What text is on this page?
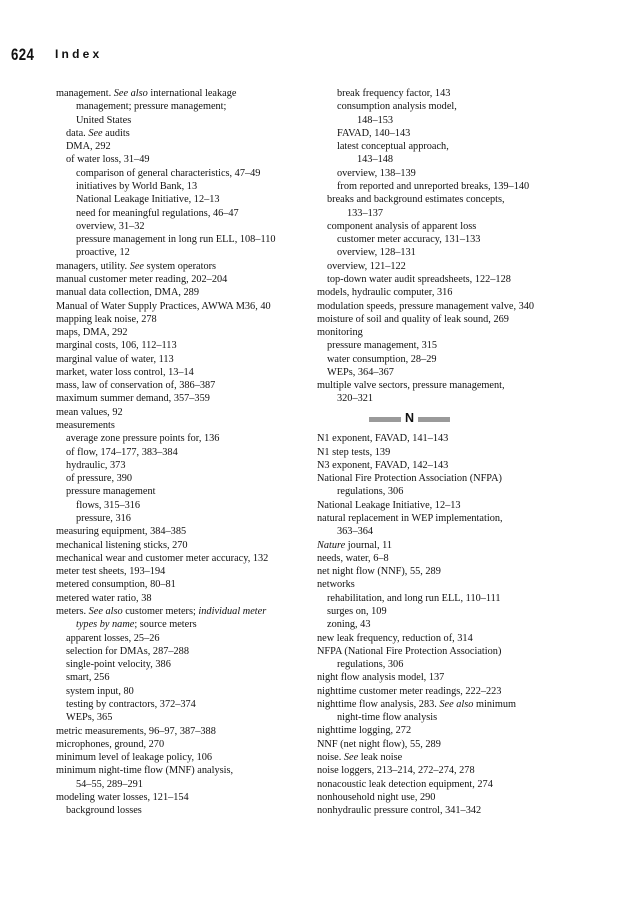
624 Index
management. See also international leakage
management; pressure management;
United States
data. See audits
DMA, 292
of water loss, 31–49
comparison of general characteristics, 47–49
initiatives by World Bank, 13
National Leakage Initiative, 12–13
need for meaningful regulations, 46–47
overview, 31–32
pressure management in long run ELL, 108–110
proactive, 12
managers, utility. See system operators
manual customer meter reading, 202–204
manual data collection, DMA, 289
Manual of Water Supply Practices, AWWA M36, 40
mapping leak noise, 278
maps, DMA, 292
marginal costs, 106, 112–113
marginal value of water, 113
market, water loss control, 13–14
mass, law of conservation of, 386–387
maximum summer demand, 357–359
mean values, 92
measurements
average zone pressure points for, 136
of flow, 174–177, 383–384
hydraulic, 373
of pressure, 390
pressure management
flows, 315–316
pressure, 316
measuring equipment, 384–385
mechanical listening sticks, 270
mechanical wear and customer meter accuracy, 132
meter test sheets, 193–194
metered consumption, 80–81
metered water ratio, 38
meters. See also customer meters; individual meter
types by name; source meters
apparent losses, 25–26
selection for DMAs, 287–288
single-point velocity, 386
smart, 256
system input, 80
testing by contractors, 372–374
WEPs, 365
metric measurements, 96–97, 387–388
microphones, ground, 270
minimum level of leakage policy, 106
minimum night-time flow (MNF) analysis,
54–55, 289–291
modeling water losses, 121–154
background losses
break frequency factor, 143
consumption analysis model,
148–153
FAVAD, 140–143
latest conceptual approach,
143–148
overview, 138–139
from reported and unreported breaks, 139–140
breaks and background estimates concepts,
133–137
component analysis of apparent loss
customer meter accuracy, 131–133
overview, 128–131
overview, 121–122
top-down water audit spreadsheets, 122–128
models, hydraulic computer, 316
modulation speeds, pressure management valve, 340
moisture of soil and quality of leak sound, 269
monitoring
pressure management, 315
water consumption, 28–29
WEPs, 364–367
multiple valve sectors, pressure management,
320–321
N
N1 exponent, FAVAD, 141–143
N1 step tests, 139
N3 exponent, FAVAD, 142–143
National Fire Protection Association (NFPA)
regulations, 306
National Leakage Initiative, 12–13
natural replacement in WEP implementation,
363–364
Nature journal, 11
needs, water, 6–8
net night flow (NNF), 55, 289
networks
rehabilitation, and long run ELL, 110–111
surges on, 109
zoning, 43
new leak frequency, reduction of, 314
NFPA (National Fire Protection Association)
regulations, 306
night flow analysis model, 137
nighttime customer meter readings, 222–223
nighttime flow analysis, 283. See also minimum
night-time flow analysis
nighttime logging, 272
NNF (net night flow), 55, 289
noise. See leak noise
noise loggers, 213–214, 272–274, 278
nonacoustic leak detection equipment, 274
nonhousehold night use, 290
nonhydraulic pressure control, 341–342
